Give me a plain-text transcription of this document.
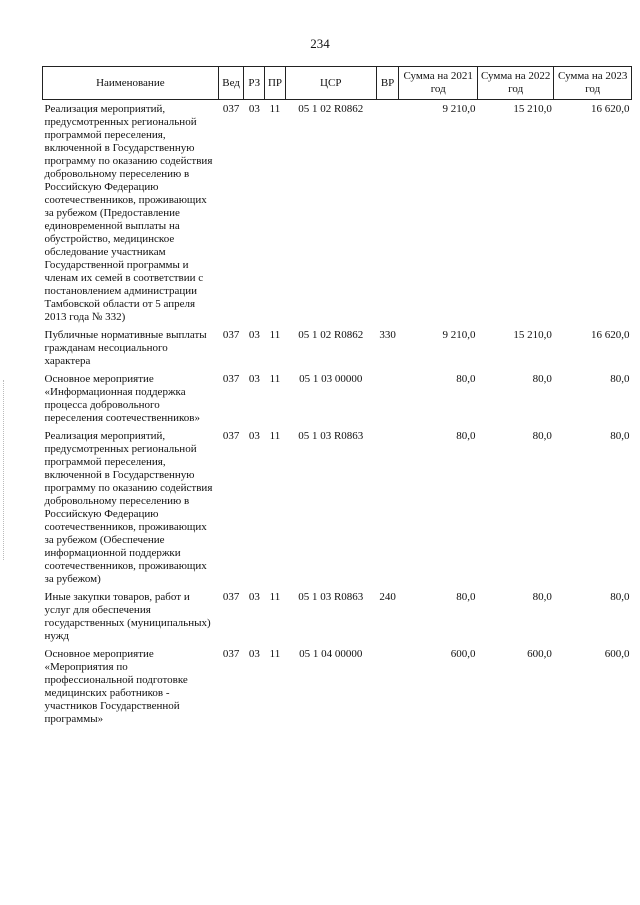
234
Наименование	Вед	РЗ	ПР	ЦСР	ВР	Сумма на 2021 год	Сумма на 2022 год	Сумма на 2023 год
Реализация мероприятий, предусмотренных региональной программой переселения, включенной в Государственную программу по оказанию содействия добровольному переселению в Российскую Федерацию соотечественников, проживающих за рубежом (Предоставление единовременной выплаты на обустройство, медицинское обследование участникам Государственной программы и членам их семей в соответствии с постановлением администрации Тамбовской области от 5 апреля 2013 года № 332)	037	03	11	05 1 02 R0862		9 210,0	15 210,0	16 620,0
Публичные нормативные выплаты гражданам несоциального характера	037	03	11	05 1 02 R0862	330	9 210,0	15 210,0	16 620,0
Основное мероприятие «Информационная поддержка процесса добровольного переселения соотечественников»	037	03	11	05 1 03 00000		80,0	80,0	80,0
Реализация мероприятий, предусмотренных региональной программой переселения, включенной в Государственную программу по оказанию содействия добровольному переселению в Российскую Федерацию соотечественников, проживающих за рубежом (Обеспечение информационной поддержки соотечественников, проживающих за рубежом)	037	03	11	05 1 03 R0863		80,0	80,0	80,0
Иные закупки товаров, работ и услуг для обеспечения государственных (муниципальных) нужд	037	03	11	05 1 03 R0863	240	80,0	80,0	80,0
Основное мероприятие «Мероприятия по профессиональной подготовке медицинских работников - участников Государственной программы»	037	03	11	05 1 04 00000		600,0	600,0	600,0
